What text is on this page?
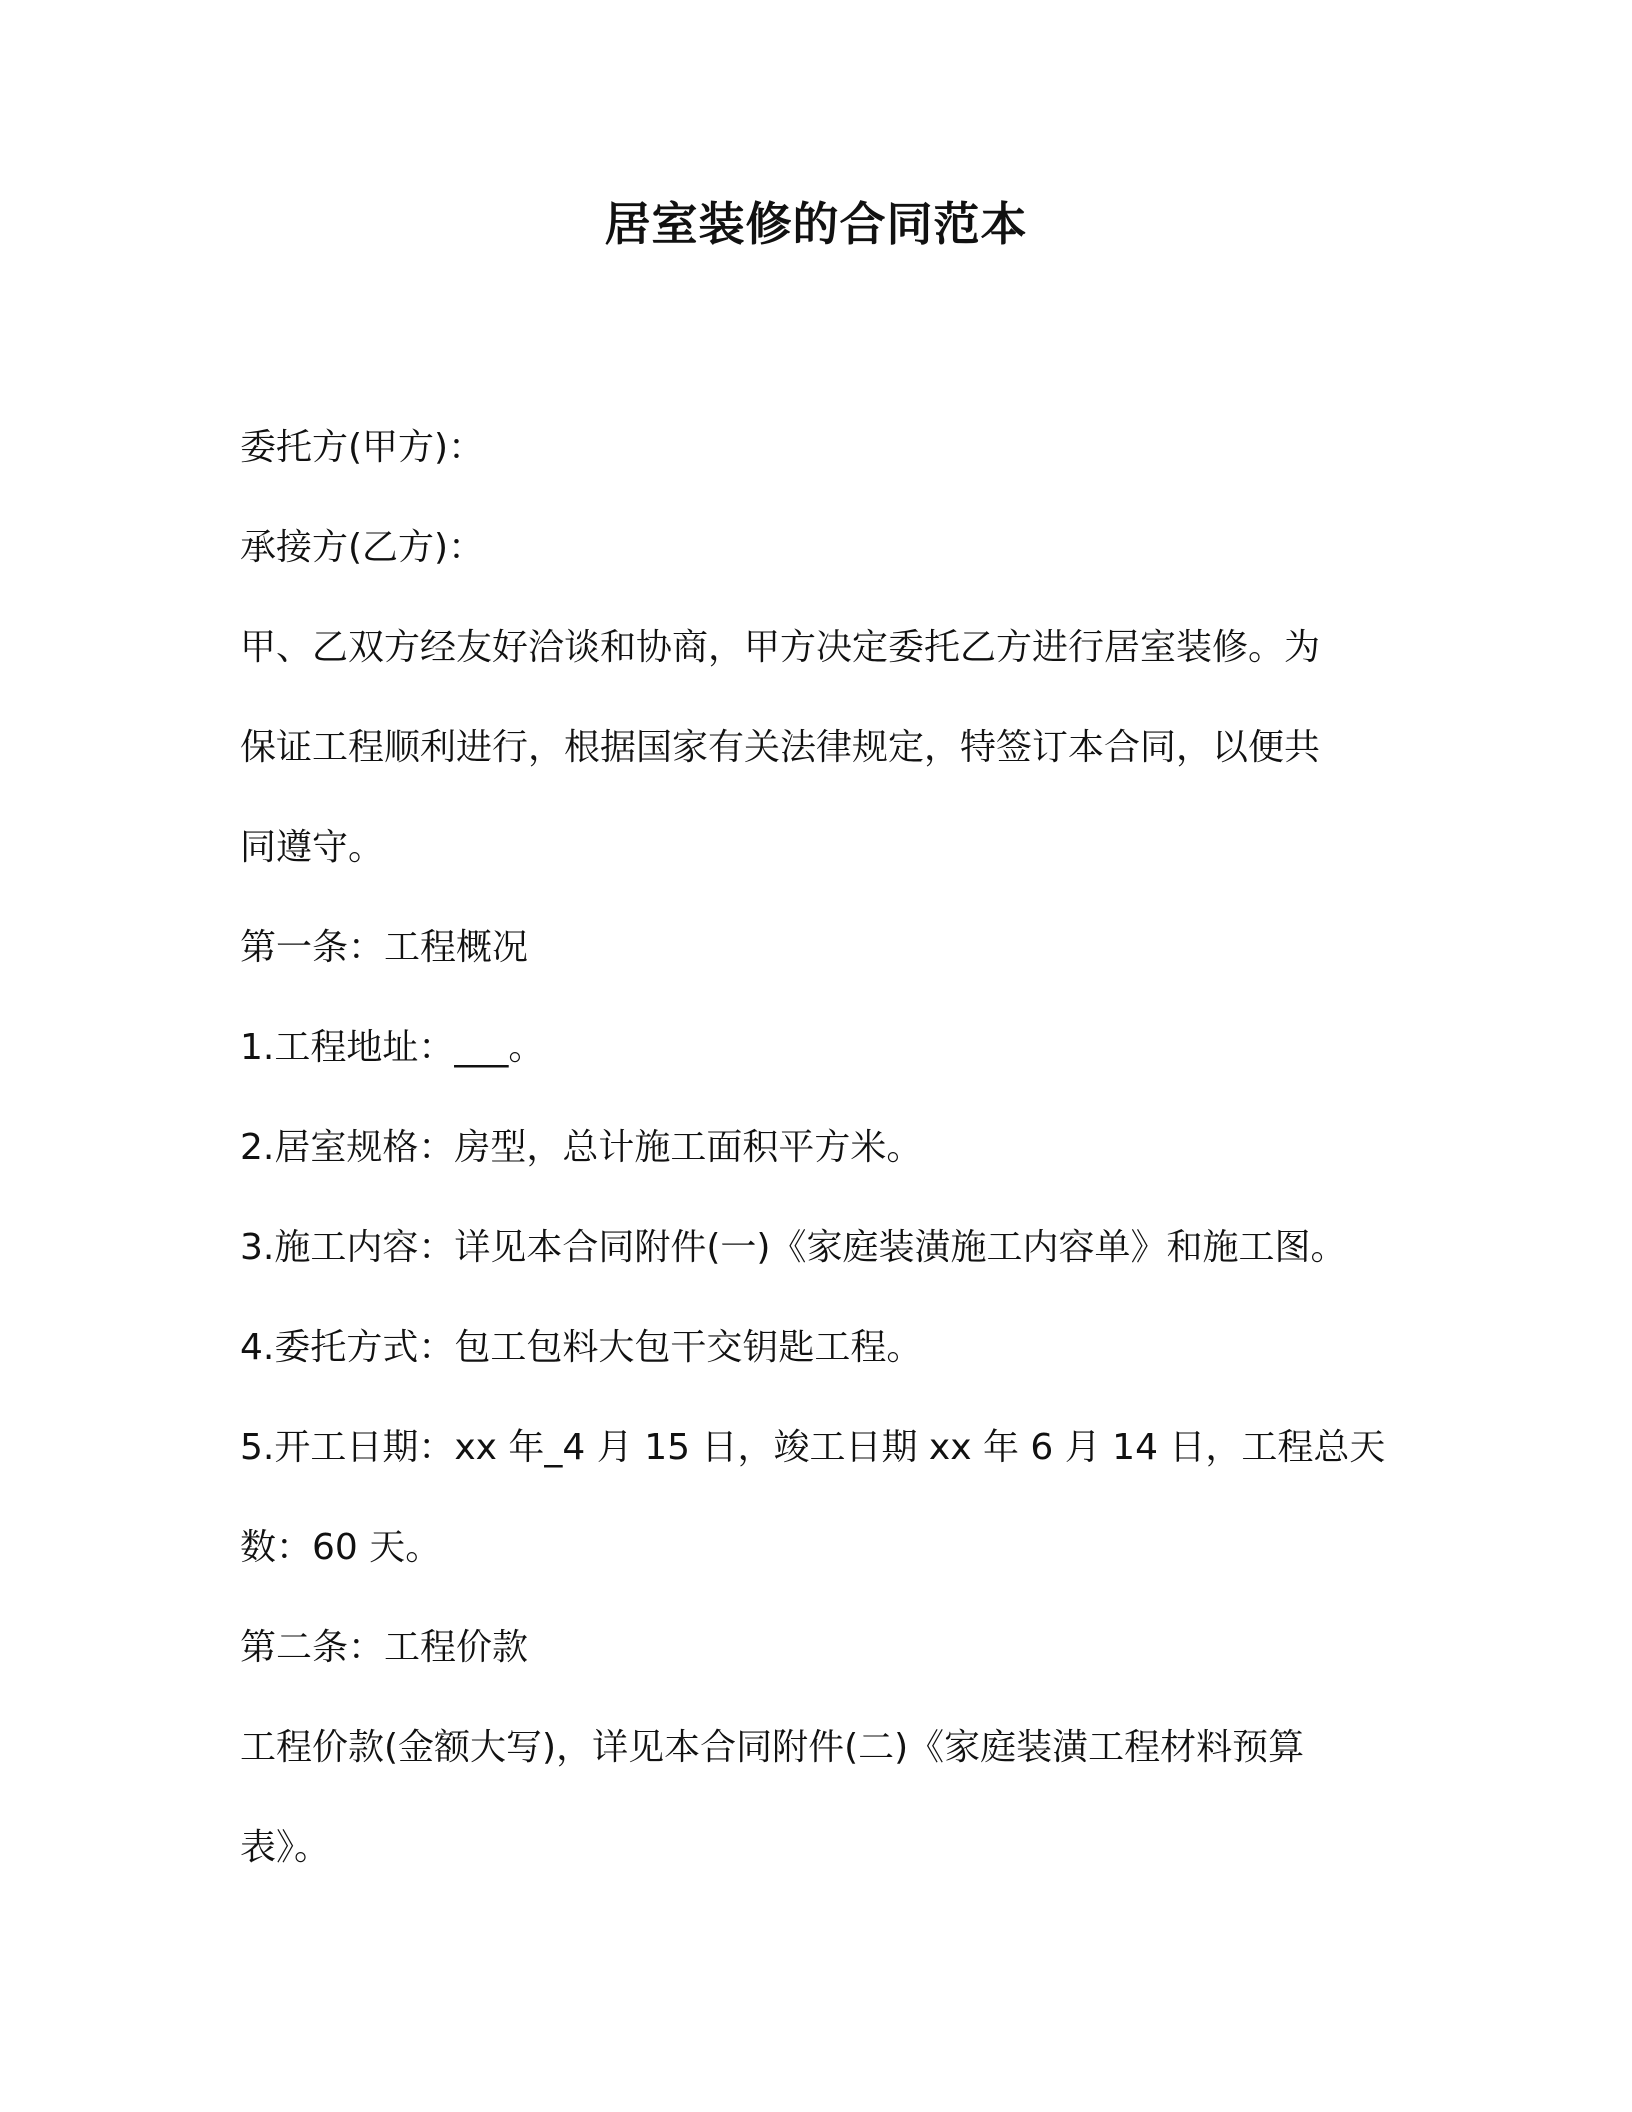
居室装修的合同范本
委托方(甲方)：
承接方(乙方)：
甲、乙双方经友好洽谈和协商，甲方决定委托乙方进行居室装修。为
保证工程顺利进行，根据国家有关法律规定，特签订本合同，以便共
同遵守。
第一条：工程概况
1.工程地址：___。
2.居室规格：房型，总计施工面积平方米。
3.施工内容：详见本合同附件(一)《家庭装潢施工内容单》和施工图。
4.委托方式：包工包料大包干交钥匙工程。
5.开工日期：xx 年_4 月 15 日，竣工日期 xx 年 6 月 14 日，工程总天
数：60 天。
第二条：工程价款
工程价款(金额大写)，详见本合同附件(二)《家庭装潢工程材料预算
表》。
